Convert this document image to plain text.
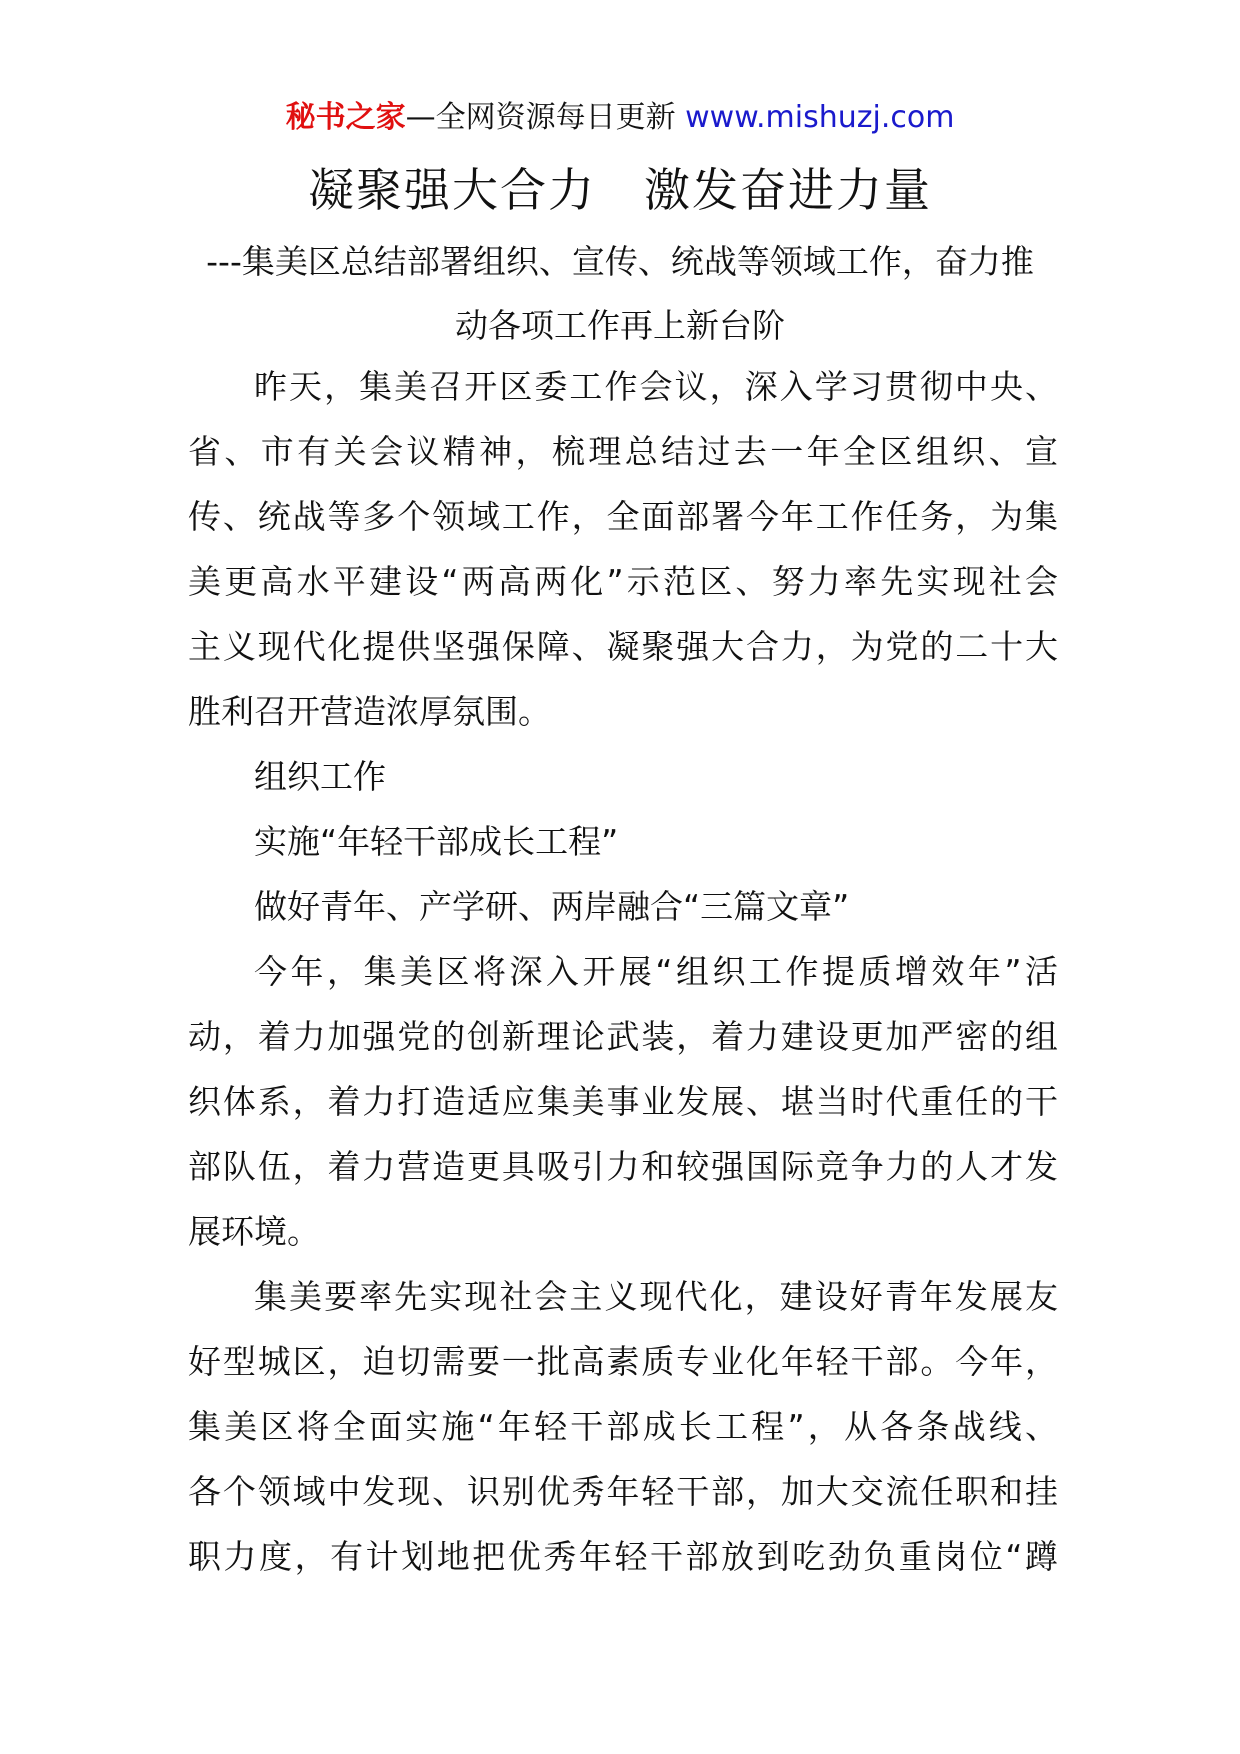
秘书之家—全网资源每日更新 www.mishuzj.com
凝聚强大合力　激发奋进力量
---集美区总结部署组织、宣传、统战等领域工作，奋力推
动各项工作再上新台阶
昨天，集美召开区委工作会议，深入学习贯彻中央、
省、市有关会议精神，梳理总结过去一年全区组织、宣
传、统战等多个领域工作，全面部署今年工作任务，为集
美更高水平建设“两高两化”示范区、努力率先实现社会
主义现代化提供坚强保障、凝聚强大合力，为党的二十大
胜利召开营造浓厚氛围。
组织工作
实施“年轻干部成长工程”
做好青年、产学研、两岸融合“三篇文章”
今年，集美区将深入开展“组织工作提质增效年”活
动，着力加强党的创新理论武装，着力建设更加严密的组
织体系，着力打造适应集美事业发展、堪当时代重任的干
部队伍，着力营造更具吸引力和较强国际竞争力的人才发
展环境。
集美要率先实现社会主义现代化，建设好青年发展友
好型城区，迫切需要一批高素质专业化年轻干部。今年，
集美区将全面实施“年轻干部成长工程”，从各条战线、
各个领域中发现、识别优秀年轻干部，加大交流任职和挂
职力度，有计划地把优秀年轻干部放到吃劲负重岗位“蹲
